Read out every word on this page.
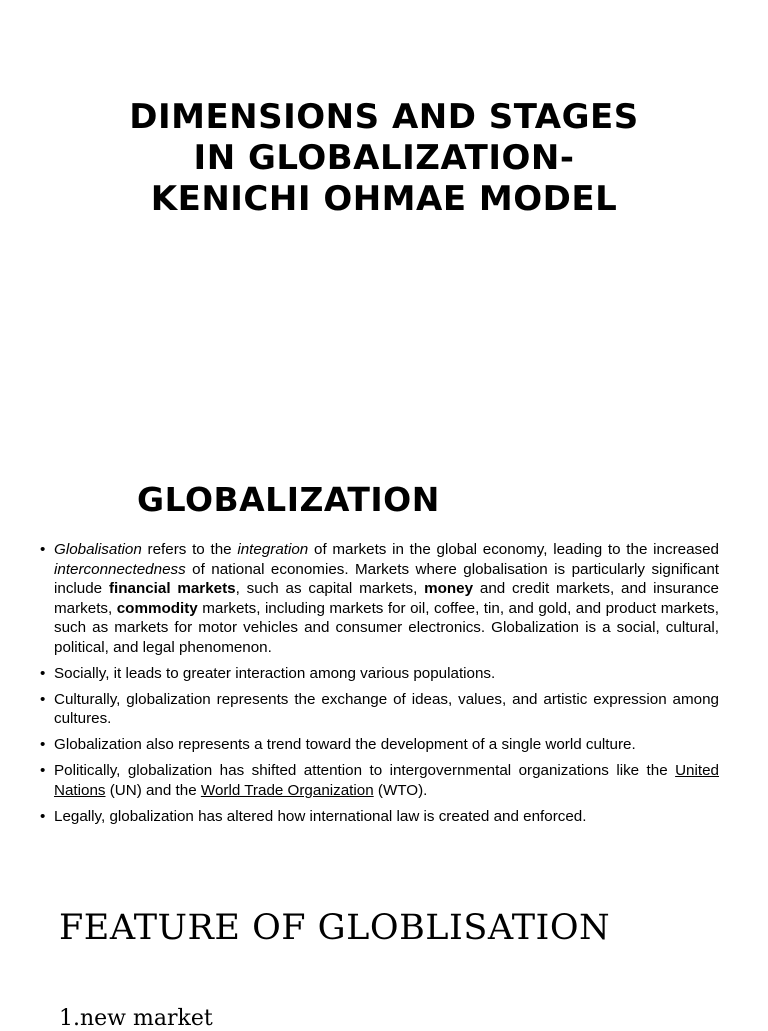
DIMENSIONS AND STAGES
IN GLOBALIZATION-
KENICHI OHMAE MODEL
GLOBALIZATION
• Globalisation refers to the integration of markets in the global economy, leading to the increased interconnectedness of national economies. Markets where globalisation is particularly significant include financial markets, such as capital markets, money and credit markets, and insurance markets, commodity markets, including markets for oil, coffee, tin, and gold, and product markets, such as markets for motor vehicles and consumer electronics. Globalization is a social, cultural, political, and legal phenomenon.
• Socially, it leads to greater interaction among various populations.
• Culturally, globalization represents the exchange of ideas, values, and artistic expression among cultures.
• Globalization also represents a trend toward the development of a single world culture.
• Politically, globalization has shifted attention to intergovernmental organizations like the United Nations (UN) and the World Trade Organization (WTO).
• Legally, globalization has altered how international law is created and enforced.
FEATURE OF GLOBLISATION
1.new market
